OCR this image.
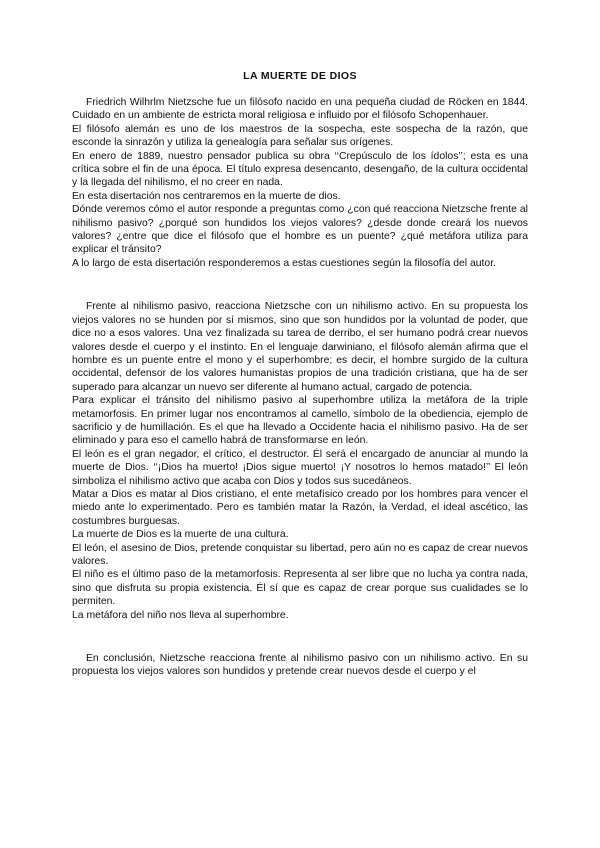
LA MUERTE DE DIOS

Friedrich Wilhrlm Nietzsche fue un filósofo nacido en una pequeña ciudad de Röcken en 1844. Cuidado en un ambiente de estricta moral religiosa e influido por el filósofo Schopenhauer.

El filósofo alemán es uno de los maestros de la sospecha, este sospecha de la razón, que esconde la sinrazón y utiliza la genealogía para señalar sus orígenes.

En enero de 1889, nuestro pensador publica su obra ‘‘Crepúsculo de los ídolos’’; esta es una crítica sobre el fin de una época. El título expresa desencanto, desengaño, de la cultura occidental y la llegada del nihilismo, el no creer en nada.

En esta disertación nos centraremos en la muerte de dios.

Dónde veremos cómo el autor responde a preguntas como ¿con qué reacciona Nietzsche frente al nihilismo pasivo? ¿porqué son hundidos los viejos valores? ¿desde donde creará los nuevos valores? ¿entre que dice el filósofo que el hombre es un puente? ¿qué metáfora utiliza para explicar el tránsito?

A lo largo de esta disertación responderemos a estas cuestiones según la filosofía del autor.

Frente al nihilismo pasivo, reacciona Nietzsche con un nihilismo activo. En su propuesta los viejos valores no se hunden por sí mismos, sino que son hundidos por la voluntad de poder, que dice no a esos valores. Una vez finalizada su tarea de derribo, el ser humano podrá crear nuevos valores desde el cuerpo y el instinto. En el lenguaje darwiniano, el filósofo alemán afirma que el hombre es un puente entre el mono y el superhombre; es decir, el hombre surgido de la cultura occidental, defensor de los valores humanistas propios de una tradición cristiana, que ha de ser superado para alcanzar un nuevo ser diferente al humano actual, cargado de potencia.

Para explicar el tránsito del nihilismo pasivo al superhombre utiliza la metáfora de la triple metamorfosis. En primer lugar nos encontramos al camello, símbolo de la obediencia, ejemplo de sacrificio y de humillación. Es el que ha llevado a Occidente hacia el nihilismo pasivo. Ha de ser eliminado y para eso el camello habrá de transformarse en león.

El león es el gran negador, el crítico, el destructor. Él será el encargado de anunciar al mundo la muerte de Dios. ‘‘¡Dios ha muerto! ¡Dios sigue muerto! ¡Y nosotros lo hemos matado!’’ El león simboliza el nihilismo activo que acaba con Dios y todos sus sucedáneos.

Matar a Dios es matar al Dios cristiano, el ente metafísico creado por los hombres para vencer el miedo ante lo experimentado. Pero es también matar la Razón, la Verdad, el ideal ascético, las costumbres burguesas.

La muerte de Dios es la muerte de una cultura.

El león, el asesino de Dios, pretende conquistar su libertad, pero aún no es capaz de crear nuevos valores.

El niño es el último paso de la metamorfosis. Representa al ser libre que no lucha ya contra nada, sino que disfruta su propia existencia. Él sí que es capaz de crear porque sus cualidades se lo permiten.

La metáfora del niño nos lleva al superhombre.

En conclusión, Nietzsche reacciona frente al nihilismo pasivo con un nihilismo activo. En su propuesta los viejos valores son hundidos y pretende crear nuevos desde el cuerpo y el
